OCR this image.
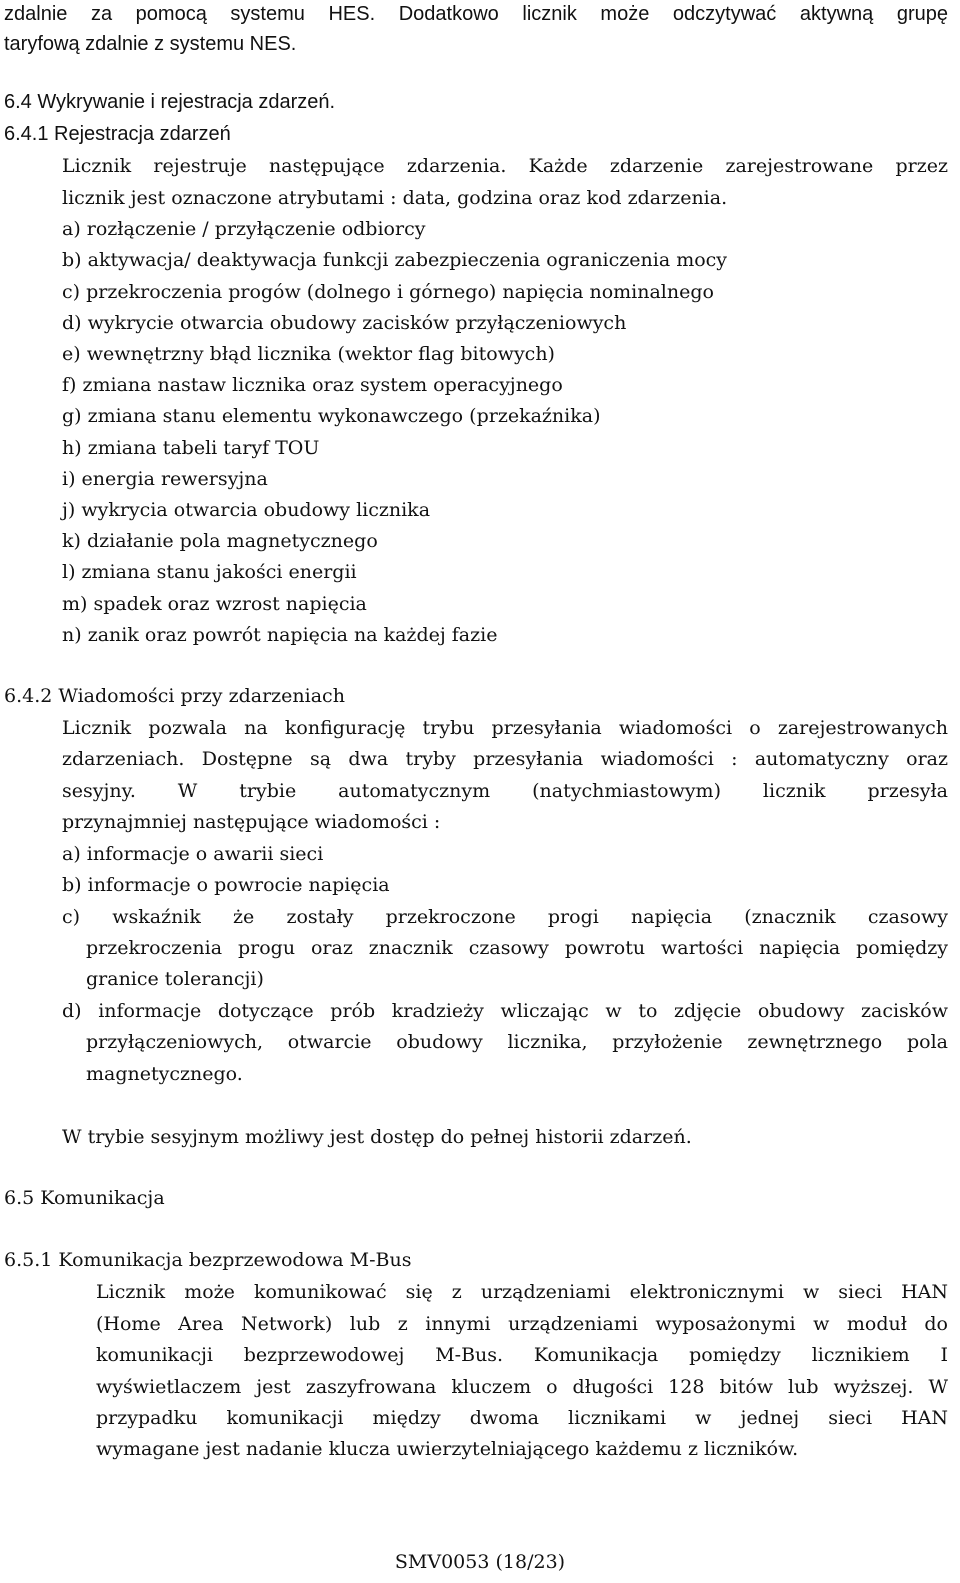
zdalnie za pomocą systemu HES. Dodatkowo licznik może odczytywać aktywną grupę
taryfową zdalnie z systemu NES.
6.4 Wykrywanie i rejestracja zdarzeń.
6.4.1 Rejestracja zdarzeń
Licznik rejestruje następujące zdarzenia. Każde zdarzenie zarejestrowane przez
licznik jest oznaczone atrybutami : data, godzina oraz kod zdarzenia.
a) rozłączenie / przyłączenie odbiorcy
b) aktywacja/ deaktywacja funkcji zabezpieczenia ograniczenia mocy
c) przekroczenia progów (dolnego i górnego) napięcia nominalnego
d) wykrycie otwarcia obudowy zacisków przyłączeniowych
e) wewnętrzny błąd licznika (wektor flag bitowych)
f) zmiana nastaw licznika oraz system operacyjnego
g) zmiana stanu elementu wykonawczego (przekaźnika)
h) zmiana tabeli taryf TOU
i) energia rewersyjna
j) wykrycia otwarcia obudowy licznika
k) działanie pola magnetycznego
l) zmiana stanu jakości energii
m) spadek oraz wzrost napięcia
n) zanik oraz powrót napięcia na każdej fazie
6.4.2 Wiadomości przy zdarzeniach
Licznik pozwala na konfigurację trybu przesyłania wiadomości o zarejestrowanych
zdarzeniach. Dostępne są dwa tryby przesyłania wiadomości : automatyczny oraz
sesyjny. W trybie automatycznym (natychmiastowym) licznik przesyła
przynajmniej następujące wiadomości :
a) informacje o awarii sieci
b) informacje o powrocie napięcia
c) wskaźnik że zostały przekroczone progi napięcia (znacznik czasowy
przekroczenia progu oraz znacznik czasowy powrotu wartości napięcia pomiędzy
granice tolerancji)
d) informacje dotyczące prób kradzieży wliczając w to zdjęcie obudowy zacisków
przyłączeniowych, otwarcie obudowy licznika, przyłożenie zewnętrznego pola
magnetycznego.
W trybie sesyjnym możliwy jest dostęp do pełnej historii zdarzeń.
6.5 Komunikacja
6.5.1 Komunikacja bezprzewodowa M-Bus
Licznik może komunikować się z urządzeniami elektronicznymi w sieci HAN
(Home Area Network) lub z innymi urządzeniami wyposażonymi w moduł do
komunikacji bezprzewodowej M-Bus. Komunikacja pomiędzy licznikiem I
wyświetlaczem jest zaszyfrowana kluczem o długości 128 bitów lub wyższej. W
przypadku komunikacji między dwoma licznikami w jednej sieci HAN
wymagane jest nadanie klucza uwierzytelniającego każdemu z liczników.
SMV0053 (18/23)
